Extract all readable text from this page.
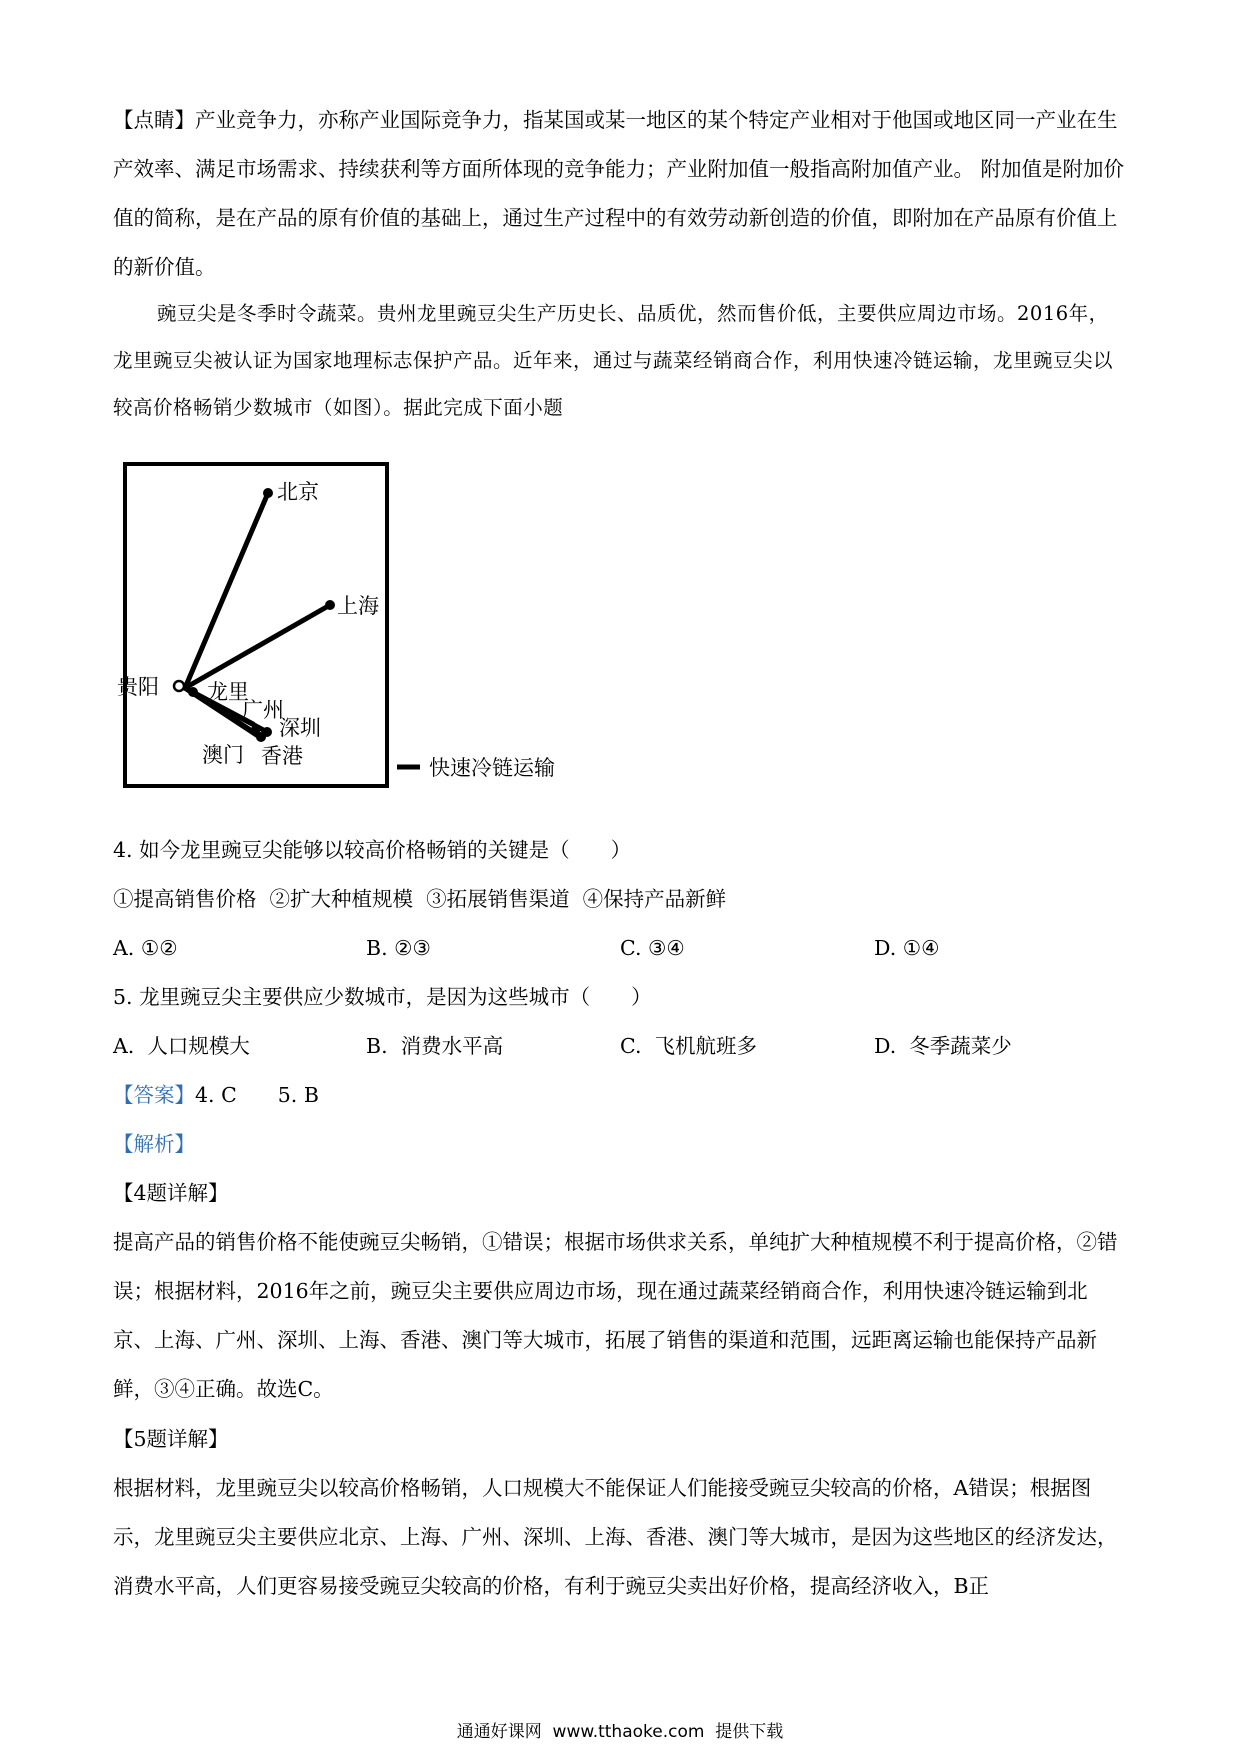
【点睛】产业竞争力，亦称产业国际竞争力，指某国或某一地区的某个特定产业相对于他国或地区同一产业在生产效率、满足市场需求、持续获利等方面所体现的竞争能力；产业附加值一般指高附加值产业。 附加值是附加价值的简称，是在产品的原有价值的基础上，通过生产过程中的有效劳动新创造的价值，即附加在产品原有价值上的新价值。

豌豆尖是冬季时令蔬菜。贵州龙里豌豆尖生产历史长、品质优，然而售价低，主要供应周边市场。2016年，龙里豌豆尖被认证为国家地理标志保护产品。近年来，通过与蔬菜经销商合作，利用快速冷链运输，龙里豌豆尖以较高价格畅销少数城市（如图）。据此完成下面小题

北京
上海
贵阳 龙里
广州
深圳
澳门 香港	快速冷链运输
4. 如今龙里豌豆尖能够以较高价格畅销的关键是（　　）
①提高销售价格  ②扩大种植规模  ③拓展销售渠道  ④保持产品新鲜
A. ①②	B. ②③	C. ③④	D. ①④
5. 龙里豌豆尖主要供应少数城市，是因为这些城市（　　）
A.  人口规模大	B.  消费水平高	C.  飞机航班多	D.  冬季蔬菜少
【答案】4. C　　5. B
【解析】
【4题详解】

提高产品的销售价格不能使豌豆尖畅销，①错误；根据市场供求关系，单纯扩大种植规模不利于提高价格，②错误；根据材料，2016年之前，豌豆尖主要供应周边市场，现在通过蔬菜经销商合作，利用快速冷链运输到北京、上海、广州、深圳、上海、香港、澳门等大城市，拓展了销售的渠道和范围，远距离运输也能保持产品新鲜，③④正确。故选C。

【5题详解】

根据材料，龙里豌豆尖以较高价格畅销，人口规模大不能保证人们能接受豌豆尖较高的价格，A错误；根据图示，龙里豌豆尖主要供应北京、上海、广州、深圳、上海、香港、澳门等大城市，是因为这些地区的经济发达，消费水平高，人们更容易接受豌豆尖较高的价格，有利于豌豆尖卖出好价格，提高经济收入，B正

通通好课网  www.tthaoke.com  提供下载
